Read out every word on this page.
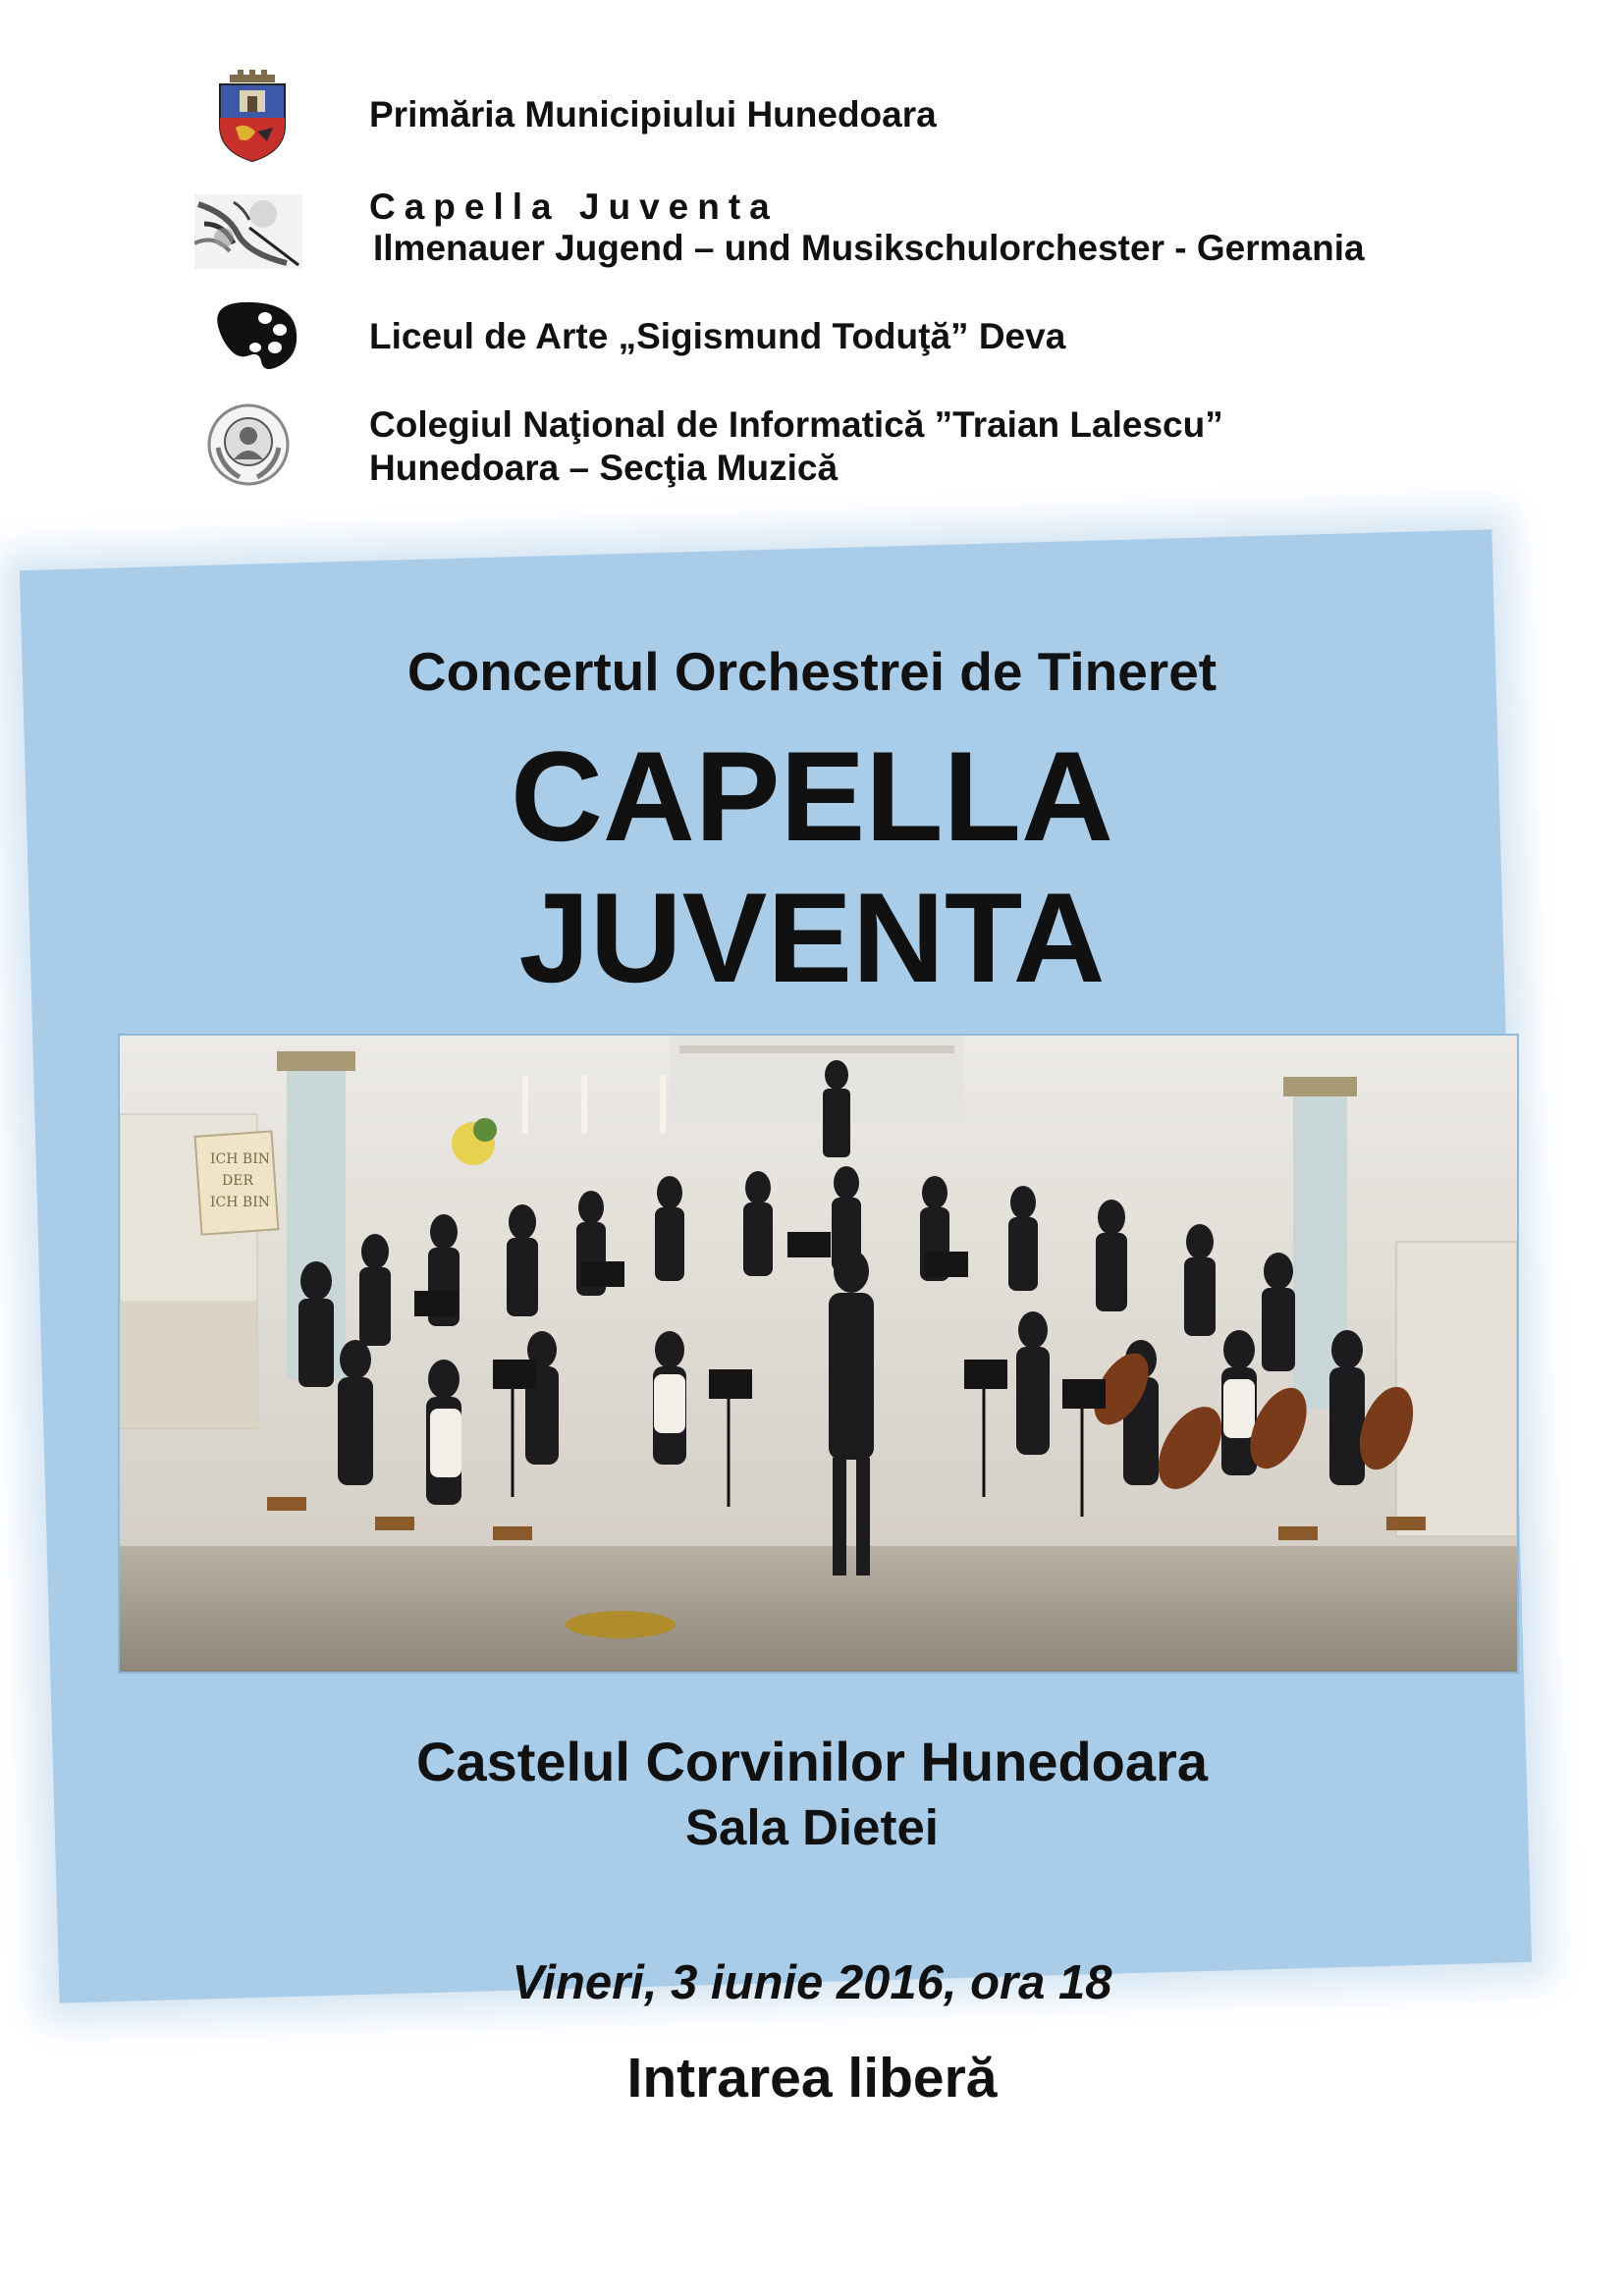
Primăria Municipiului Hunedoara
Capella Juventa
Ilmenauer Jugend – und Musikschulorchester - Germania
Liceul de Arte „Sigismund Toduţă” Deva
Colegiul Naţional de Informatică ”Traian Lalescu”
Hunedoara – Secţia Muzică
Concertul Orchestrei de Tineret
CAPELLA
JUVENTA
ICH BIN
DER
ICH BIN
Castelul Corvinilor Hunedoara
Sala Dietei
Vineri, 3 iunie 2016, ora 18
Intrarea liberă
